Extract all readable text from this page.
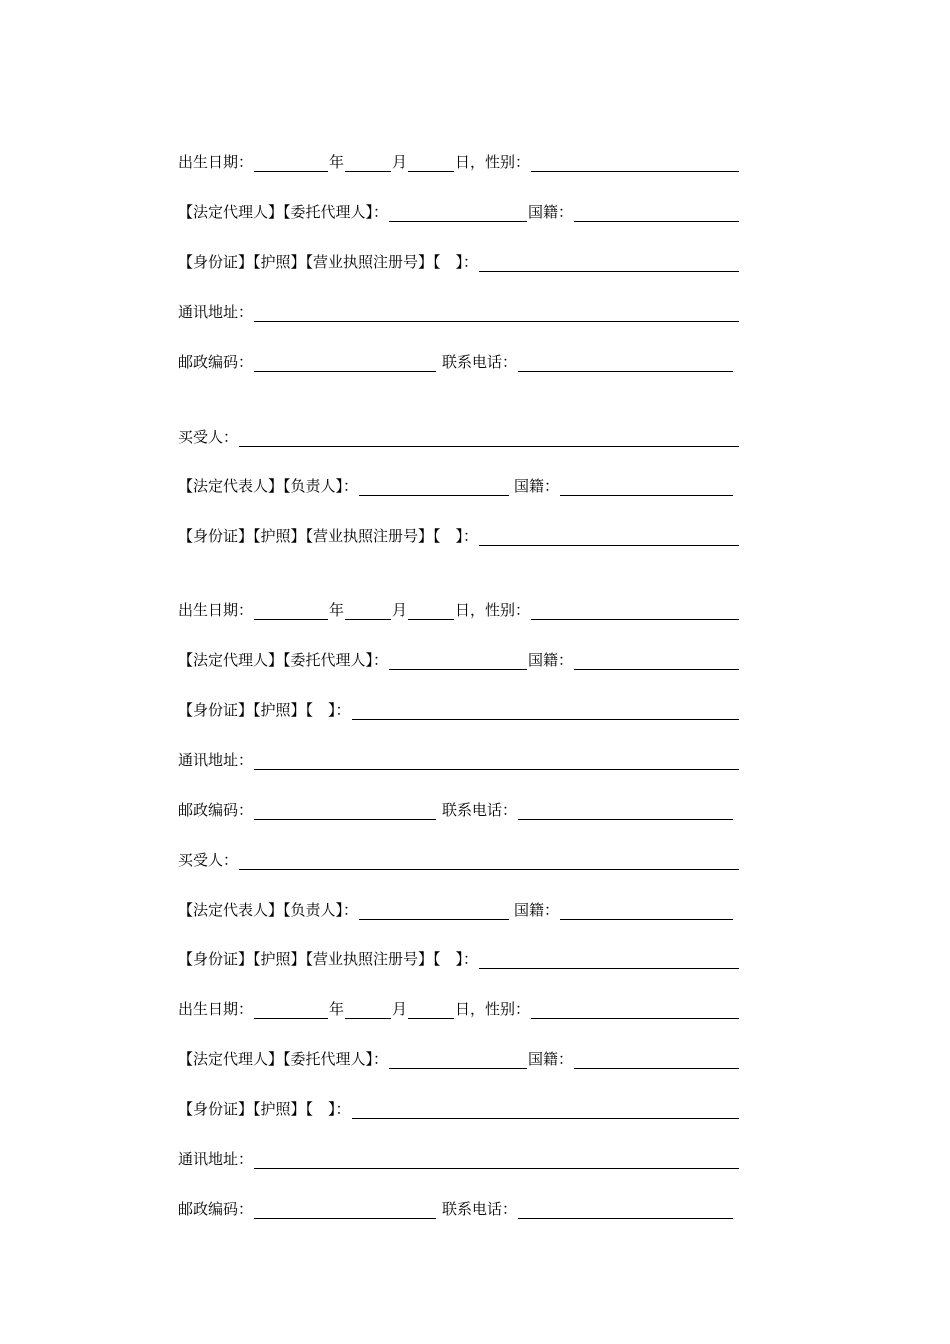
出生日期：	年	月	日，性别：
【法定代理人】【委托代理人】：	国籍：
【身份证】【护照】【营业执照注册号】【　】：
通讯地址：
邮政编码：	联系电话：
买受人：
【法定代表人】【负责人】：	国籍：
【身份证】【护照】【营业执照注册号】【　】：
出生日期：	年	月	日，性别：
【法定代理人】【委托代理人】：	国籍：
【身份证】【护照】【　】：
通讯地址：
邮政编码：	联系电话：
买受人：
【法定代表人】【负责人】：	国籍：
【身份证】【护照】【营业执照注册号】【　】：
出生日期：	年	月	日，性别：
【法定代理人】【委托代理人】：	国籍：
【身份证】【护照】【　】：
通讯地址：
邮政编码：	联系电话：
